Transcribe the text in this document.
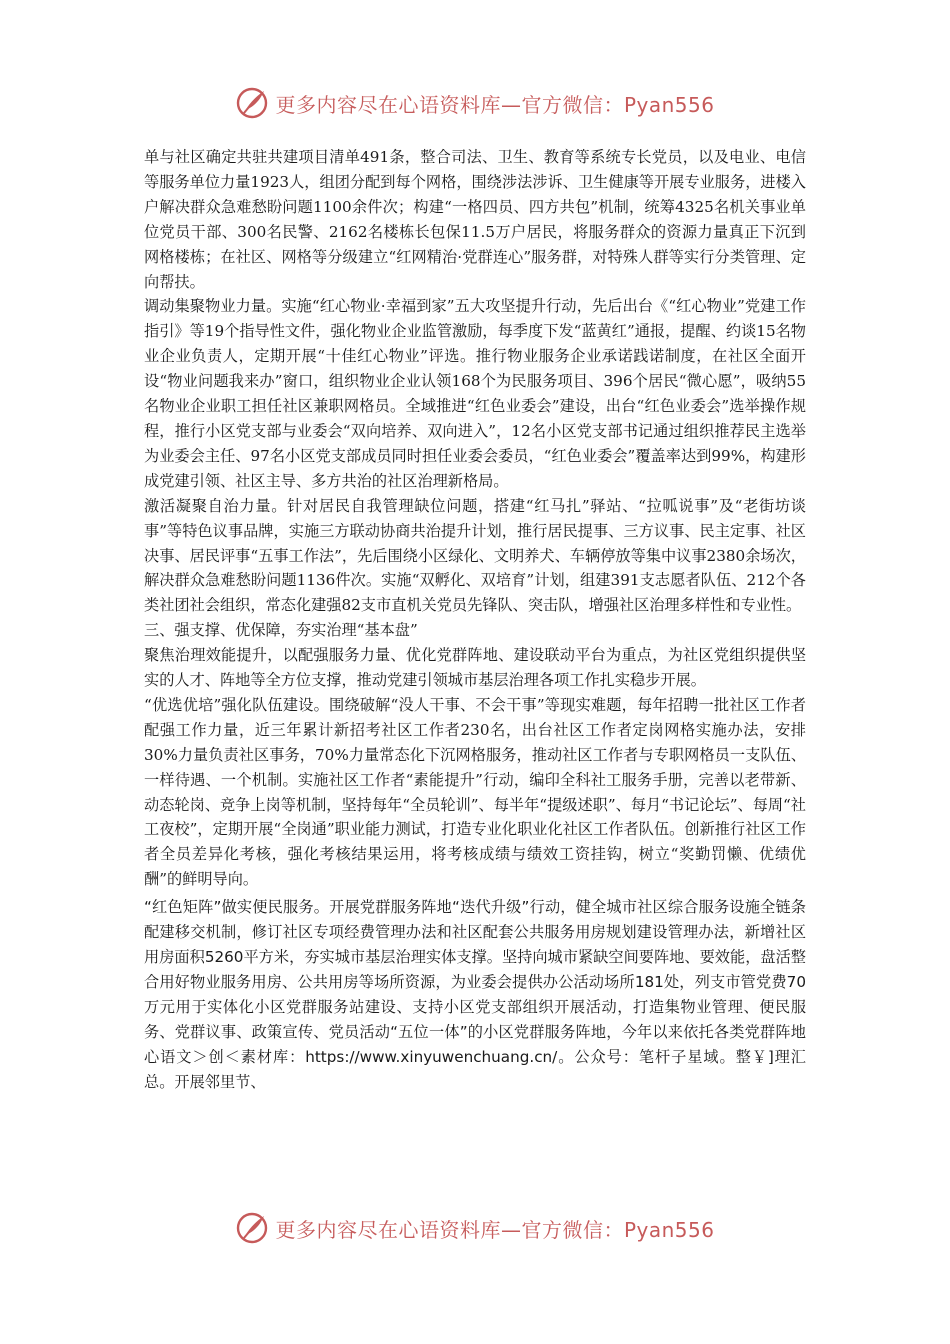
更多内容尽在心语资料库—官方微信：Pyan556

单与社区确定共驻共建项目清单491条，整合司法、卫生、教育等系统专长党员，以及电业、电信等服务单位力量1923人，组团分配到每个网格，围绕涉法涉诉、卫生健康等开展专业服务，进楼入户解决群众急难愁盼问题1100余件次；构建“一格四员、四方共包”机制，统筹4325名机关事业单位党员干部、300名民警、2162名楼栋长包保11.5万户居民，将服务群众的资源力量真正下沉到网格楼栋；在社区、网格等分级建立“红网精治·党群连心”服务群，对特殊人群等实行分类管理、定向帮扶。

调动集聚物业力量。实施“红心物业·幸福到家”五大攻坚提升行动，先后出台《“红心物业”党建工作指引》等19个指导性文件，强化物业企业监管激励，每季度下发“蓝黄红”通报，提醒、约谈15名物业企业负责人，定期开展“十佳红心物业”评选。推行物业服务企业承诺践诺制度，在社区全面开设“物业问题我来办”窗口，组织物业企业认领168个为民服务项目、396个居民“微心愿”，吸纳55名物业企业职工担任社区兼职网格员。全域推进“红色业委会”建设，出台“红色业委会”选举操作规程，推行小区党支部与业委会“双向培养、双向进入”，12名小区党支部书记通过组织推荐民主选举为业委会主任、97名小区党支部成员同时担任业委会委员，“红色业委会”覆盖率达到99%，构建形成党建引领、社区主导、多方共治的社区治理新格局。

激活凝聚自治力量。针对居民自我管理缺位问题，搭建“红马扎”驿站、“拉呱说事”及“老街坊谈事”等特色议事品牌，实施三方联动协商共治提升计划，推行居民提事、三方议事、民主定事、社区决事、居民评事“五事工作法”，先后围绕小区绿化、文明养犬、车辆停放等集中议事2380余场次，解决群众急难愁盼问题1136件次。实施“双孵化、双培育”计划，组建391支志愿者队伍、212个各类社团社会组织，常态化建强82支市直机关党员先锋队、突击队，增强社区治理多样性和专业性。

三、强支撑、优保障，夯实治理“基本盘”

聚焦治理效能提升，以配强服务力量、优化党群阵地、建设联动平台为重点，为社区党组织提供坚实的人才、阵地等全方位支撑，推动党建引领城市基层治理各项工作扎实稳步开展。

“优选优培”强化队伍建设。围绕破解“没人干事、不会干事”等现实难题，每年招聘一批社区工作者配强工作力量，近三年累计新招考社区工作者230名，出台社区工作者定岗网格实施办法，安排30%力量负责社区事务，70%力量常态化下沉网格服务，推动社区工作者与专职网格员一支队伍、一样待遇、一个机制。实施社区工作者“素能提升”行动，编印全科社工服务手册，完善以老带新、动态轮岗、竞争上岗等机制，坚持每年“全员轮训”、每半年“提级述职”、每月“书记论坛”、每周“社工夜校”，定期开展“全岗通”职业能力测试，打造专业化职业化社区工作者队伍。创新推行社区工作者全员差异化考核，强化考核结果运用，将考核成绩与绩效工资挂钩，树立“奖勤罚懒、优绩优酬”的鲜明导向。

“红色矩阵”做实便民服务。开展党群服务阵地“迭代升级”行动，健全城市社区综合服务设施全链条配建移交机制，修订社区专项经费管理办法和社区配套公共服务用房规划建设管理办法，新增社区用房面积5260平方米，夯实城市基层治理实体支撑。坚持向城市紧缺空间要阵地、要效能，盘活整合用好物业服务用房、公共用房等场所资源，为业委会提供办公活动场所181处，列支市管党费70万元用于实体化小区党群服务站建设、支持小区党支部组织开展活动，打造集物业管理、便民服务、党群议事、政策宣传、党员活动“五位一体”的小区党群服务阵地，今年以来依托各类党群阵地心语文＞创＜素材库：https://www.xinyuwenchuang.cn/。公众号：笔杆子星域。整￥]理汇总。开展邻里节、

更多内容尽在心语资料库—官方微信：Pyan556
